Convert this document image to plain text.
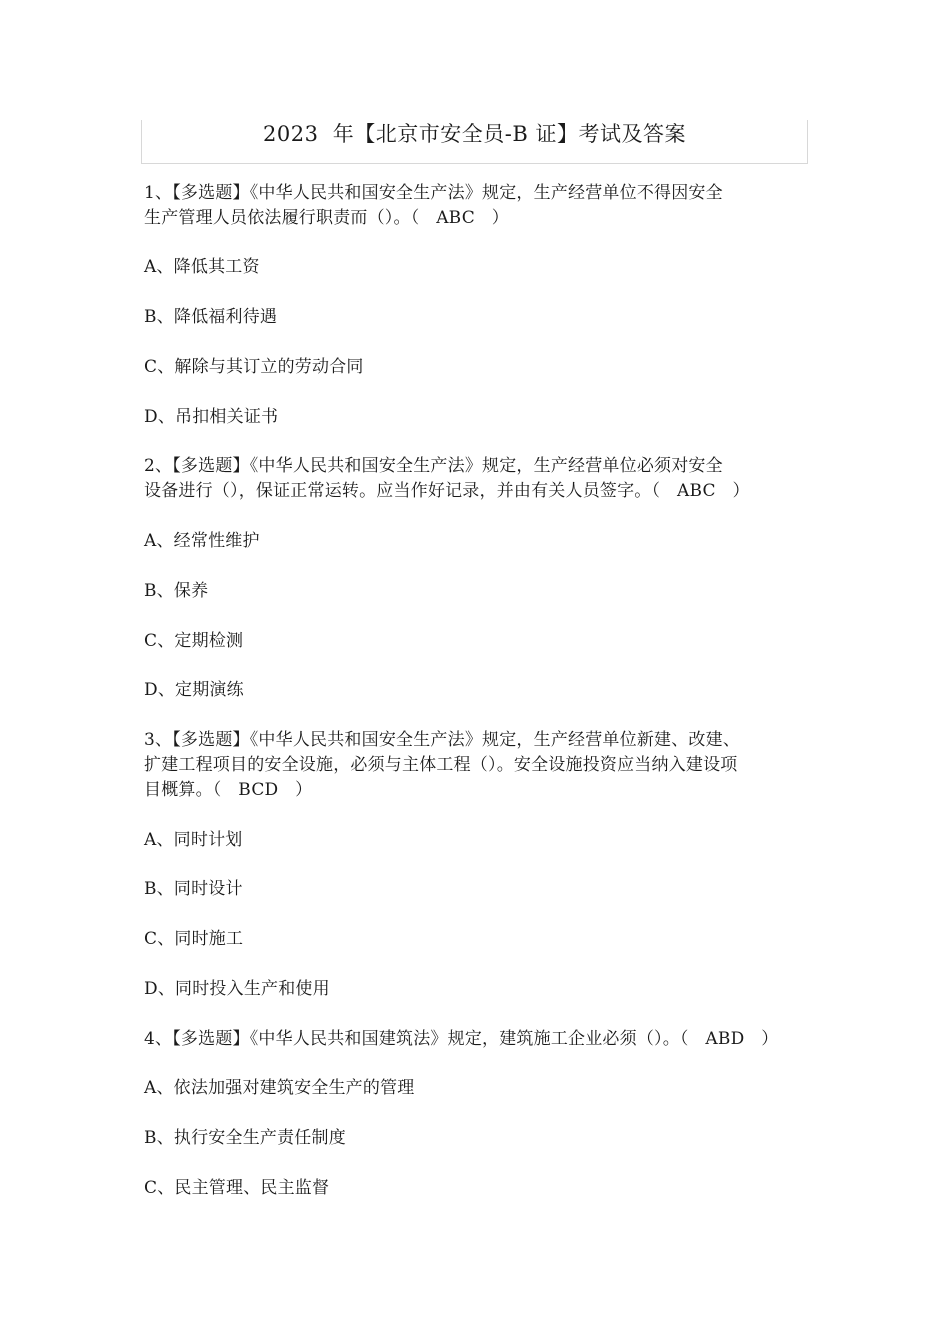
2023  年【北京市安全员-B 证】考试及答案
1、【多选题】《中华人民共和国安全生产法》规定，生产经营单位不得因安全
生产管理人员依法履行职责而（）。（   ABC   ）
A、降低其工资
B、降低福利待遇
C、解除与其订立的劳动合同
D、吊扣相关证书
2、【多选题】《中华人民共和国安全生产法》规定，生产经营单位必须对安全
设备进行（），保证正常运转。应当作好记录，并由有关人员签字。（   ABC   ）
A、经常性维护
B、保养
C、定期检测
D、定期演练
3、【多选题】《中华人民共和国安全生产法》规定，生产经营单位新建、改建、
扩建工程项目的安全设施，必须与主体工程（）。安全设施投资应当纳入建设项
目概算。（   BCD   ）
A、同时计划
B、同时设计
C、同时施工
D、同时投入生产和使用
4、【多选题】《中华人民共和国建筑法》规定，建筑施工企业必须（）。（   ABD   ）
A、依法加强对建筑安全生产的管理
B、执行安全生产责任制度
C、民主管理、民主监督
